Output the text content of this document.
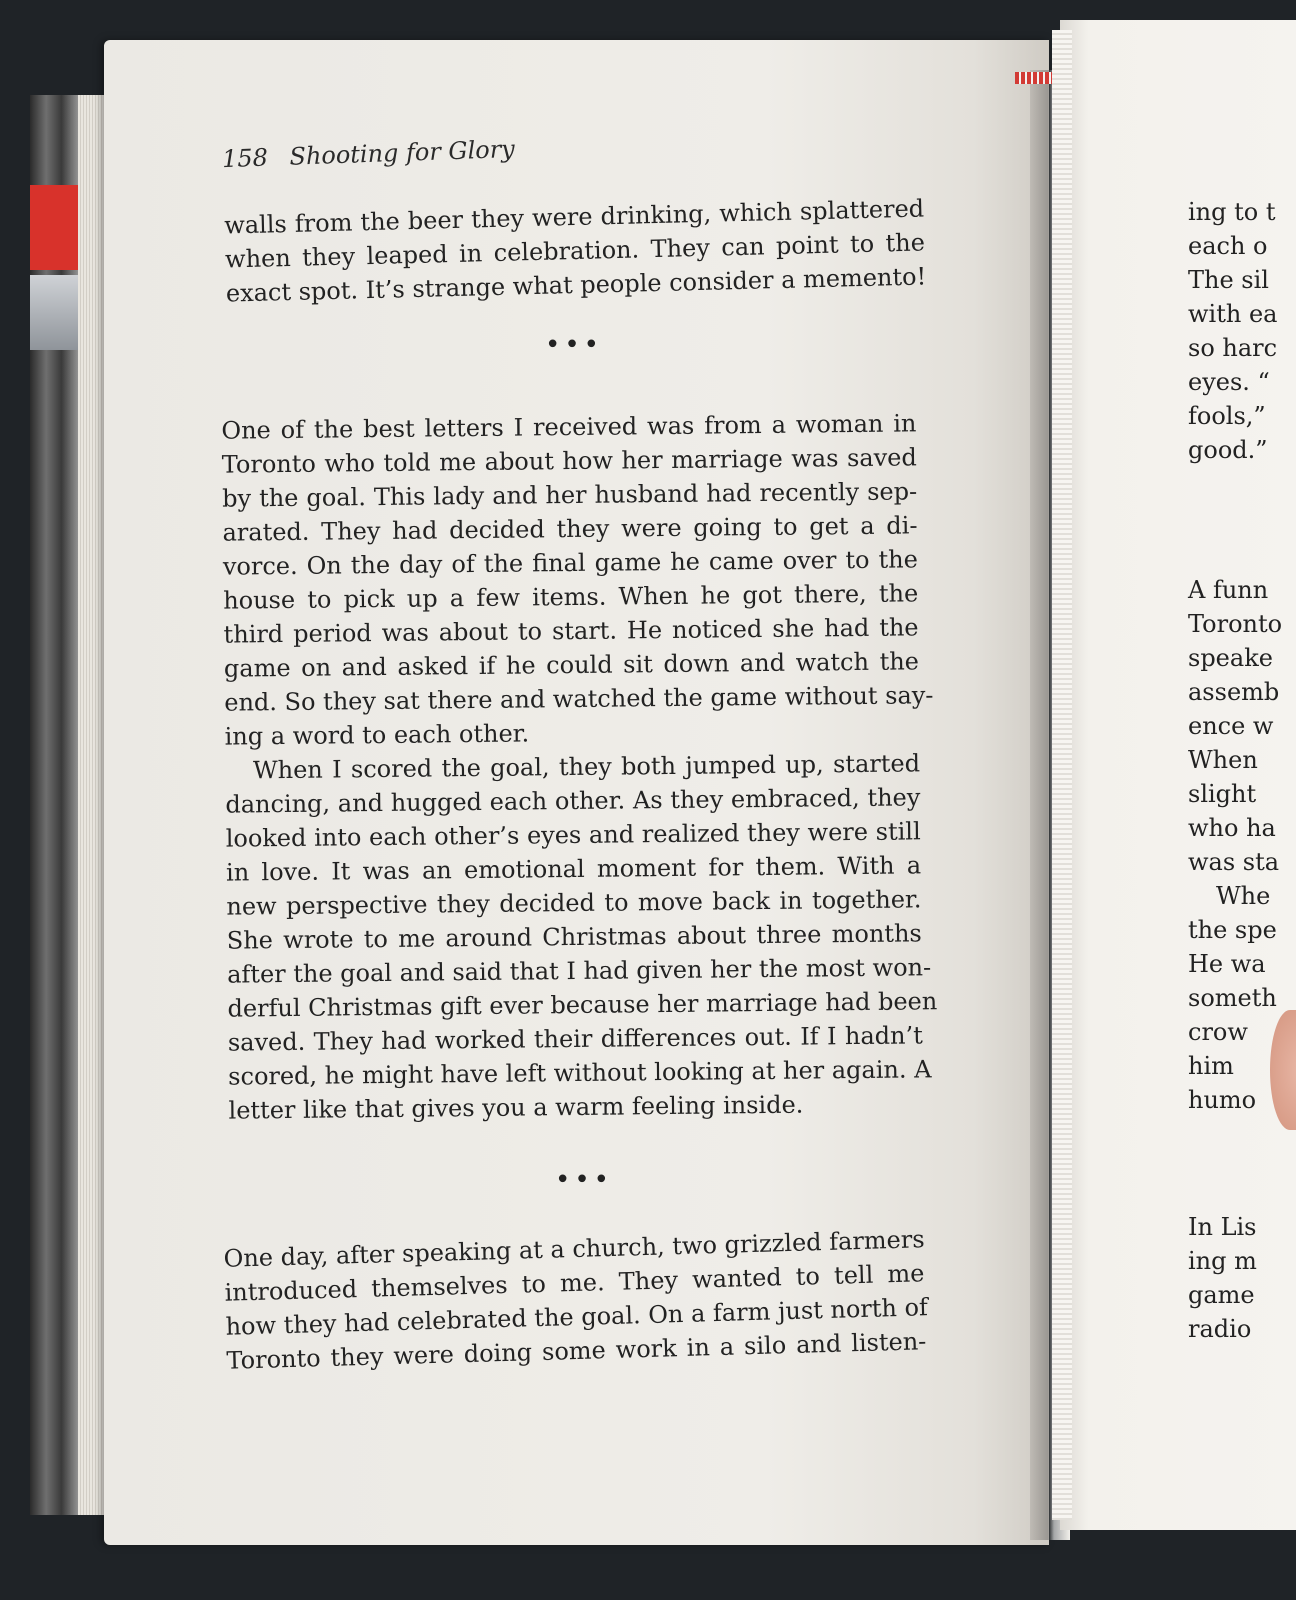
158 Shooting for Glory
walls from the beer they were drinking, which splattered
when they leaped in celebration. They can point to the
exact spot. It’s strange what people consider a memento!
•••
One of the best letters I received was from a woman in
Toronto who told me about how her marriage was saved
by the goal. This lady and her husband had recently sep-
arated. They had decided they were going to get a di-
vorce. On the day of the final game he came over to the
house to pick up a few items. When he got there, the
third period was about to start. He noticed she had the
game on and asked if he could sit down and watch the
end. So they sat there and watched the game without say-
ing a word to each other.
When I scored the goal, they both jumped up, started
dancing, and hugged each other. As they embraced, they
looked into each other’s eyes and realized they were still
in love. It was an emotional moment for them. With a
new perspective they decided to move back in together.
She wrote to me around Christmas about three months
after the goal and said that I had given her the most won-
derful Christmas gift ever because her marriage had been
saved. They had worked their differences out. If I hadn’t
scored, he might have left without looking at her again. A
letter like that gives you a warm feeling inside.
•••
One day, after speaking at a church, two grizzled farmers
introduced themselves to me. They wanted to tell me
how they had celebrated the goal. On a farm just north of
Toronto they were doing some work in a silo and listen-
ing to t
each o
The sil
with ea
so harc
eyes. “
fools,”
good.”
A funn
Toronto
speake
assemb
ence w
When
slight
who ha
was sta
Whe
the spe
He wa
someth
crow
him
humo
In Lis
ing m
game
radio
